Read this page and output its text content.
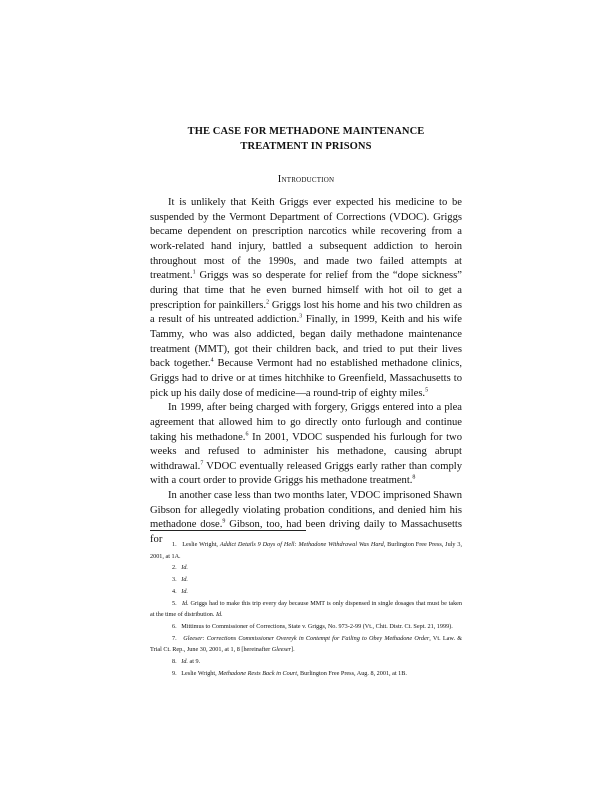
THE CASE FOR METHADONE MAINTENANCE
TREATMENT IN PRISONS
Introduction

It is unlikely that Keith Griggs ever expected his medicine to be suspended by the Vermont Department of Corrections (VDOC). Griggs became dependent on prescription narcotics while recovering from a work-related hand injury, battled a subsequent addiction to heroin throughout most of the 1990s, and made two failed attempts at treatment.$^1$ Griggs was so desperate for relief from the “dope sickness” during that time that he even burned himself with hot oil to get a prescription for painkillers.$^2$ Griggs lost his home and his two children as a result of his untreated addiction.$^3$ Finally, in 1999, Keith and his wife Tammy, who was also addicted, began daily methadone maintenance treatment (MMT), got their children back, and tried to put their lives back together.$^4$ Because Vermont had no established methadone clinics, Griggs had to drive or at times hitchhike to Greenfield, Massachusetts to pick up his daily dose of medicine—a round-trip of eighty miles.$^5$

In 1999, after being charged with forgery, Griggs entered into a plea agreement that allowed him to go directly onto furlough and continue taking his methadone.$^6$ In 2001, VDOC suspended his furlough for two weeks and refused to administer his methadone, causing abrupt withdrawal.$^7$ VDOC eventually released Griggs early rather than comply with a court order to provide Griggs his methadone treatment.$^8$

In another case less than two months later, VDOC imprisoned Shawn Gibson for allegedly violating probation conditions, and denied him his methadone dose.$^9$ Gibson, too, had been driving daily to Massachusetts for	1. Leslie Wright, Addict Details 9 Days of Hell: Methadone Withdrawal Was Hard, Burlington Free Press, July 3, 2001, at 1A.

2. Id.

3. Id.

4. Id.

5. Id. Griggs had to make this trip every day because MMT is only dispensed in single dosages that must be taken at the time of distribution. Id.

6. Mittimus to Commissioner of Corrections, State v. Griggs, No. 973-2-99 (Vt., Chit. Distr. Ct. Sept. 21, 1999).

7. Gleeser: Corrections Commissioner Overeyk in Contempt for Failing to Obey Methadone Order, Vt. Law. & Trial Ct. Rep., June 30, 2001, at 1, 8 [hereinafter Gleeser].

8. Id. at 9.

9. Leslie Wright, Methadone Rests Back in Court, Burlington Free Press, Aug. 8, 2001, at 1B.
